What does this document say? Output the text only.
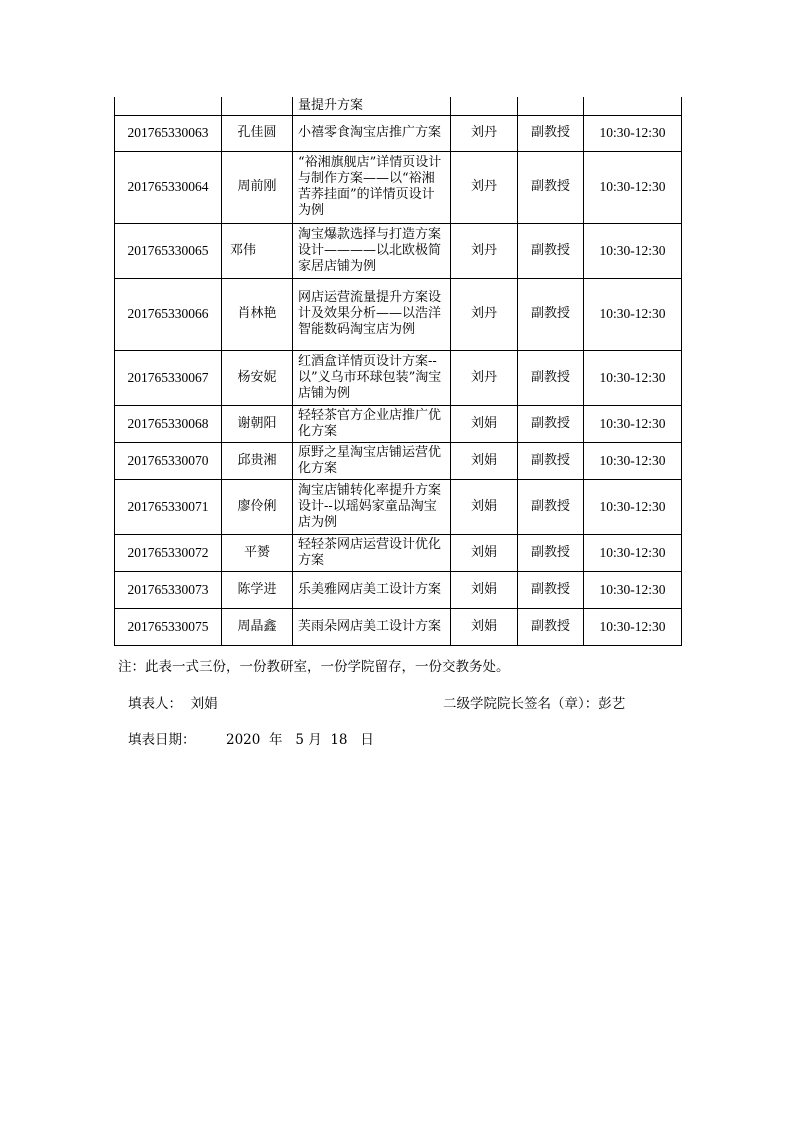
		量提升方案			
201765330063	孔佳圆	小禧零食淘宝店推广方案	刘丹	副教授	10:30-12:30
201765330064	周前刚	“裕湘旗舰店”详情页设计与制作方案——以“裕湘苦荞挂面”的详情页设计为例	刘丹	副教授	10:30-12:30
201765330065	邓伟	淘宝爆款选择与打造方案设计————以北欧极简家居店铺为例	刘丹	副教授	10:30-12:30
201765330066	肖林艳	网店运营流量提升方案设计及效果分析——以浩洋智能数码淘宝店为例	刘丹	副教授	10:30-12:30
201765330067	杨安妮	红酒盒详情页设计方案--以”义乌市环球包装”淘宝店铺为例	刘丹	副教授	10:30-12:30
201765330068	谢朝阳	轻轻茶官方企业店推广优化方案	刘娟	副教授	10:30-12:30
201765330070	邱贵湘	原野之星淘宝店铺运营优化方案	刘娟	副教授	10:30-12:30
201765330071	廖伶俐	淘宝店铺转化率提升方案设计--以瑶妈家童品淘宝店为例	刘娟	副教授	10:30-12:30
201765330072	平赟	轻轻茶网店运营设计优化方案	刘娟	副教授	10:30-12:30
201765330073	陈学进	乐美雅网店美工设计方案	刘娟	副教授	10:30-12:30
201765330075	周晶鑫	芙雨朵网店美工设计方案	刘娟	副教授	10:30-12:30
注：此表一式三份，一份教研室，一份学院留存，一份交教务处。
填表人： 刘娟	二级学院院长签名（章）：彭艺
填表日期： 2020 年 5 月 18 日
